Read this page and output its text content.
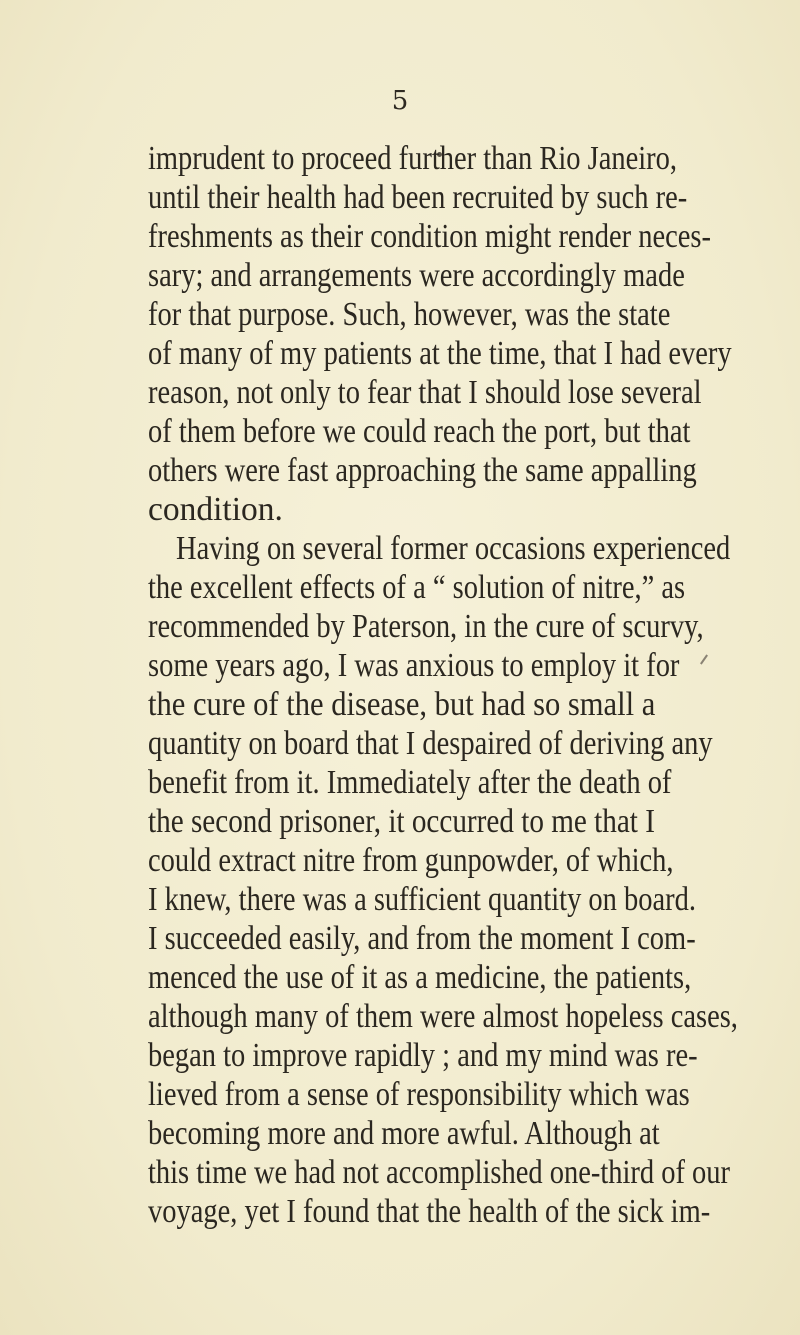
5
imprudent to proceed further than Rio Janeiro,
until their health had been recruited by such re-
freshments as their condition might render neces-
sary; and arrangements were accordingly made
for that purpose. Such, however, was the state
of many of my patients at the time, that I had every
reason, not only to fear that I should lose several
of them before we could reach the port, but that
others were fast approaching the same appalling
condition.
Having on several former occasions experienced
the excellent effects of a “ solution of nitre,” as
recommended by Paterson, in the cure of scurvy,
some years ago, I was anxious to employ it for
the cure of the disease, but had so small a
quantity on board that I despaired of deriving any
benefit from it. Immediately after the death of
the second prisoner, it occurred to me that I
could extract nitre from gunpowder, of which,
I knew, there was a sufficient quantity on board.
I succeeded easily, and from the moment I com-
menced the use of it as a medicine, the patients,
although many of them were almost hopeless cases,
began to improve rapidly ; and my mind was re-
lieved from a sense of responsibility which was
becoming more and more awful. Although at
this time we had not accomplished one-third of our
voyage, yet I found that the health of the sick im-
